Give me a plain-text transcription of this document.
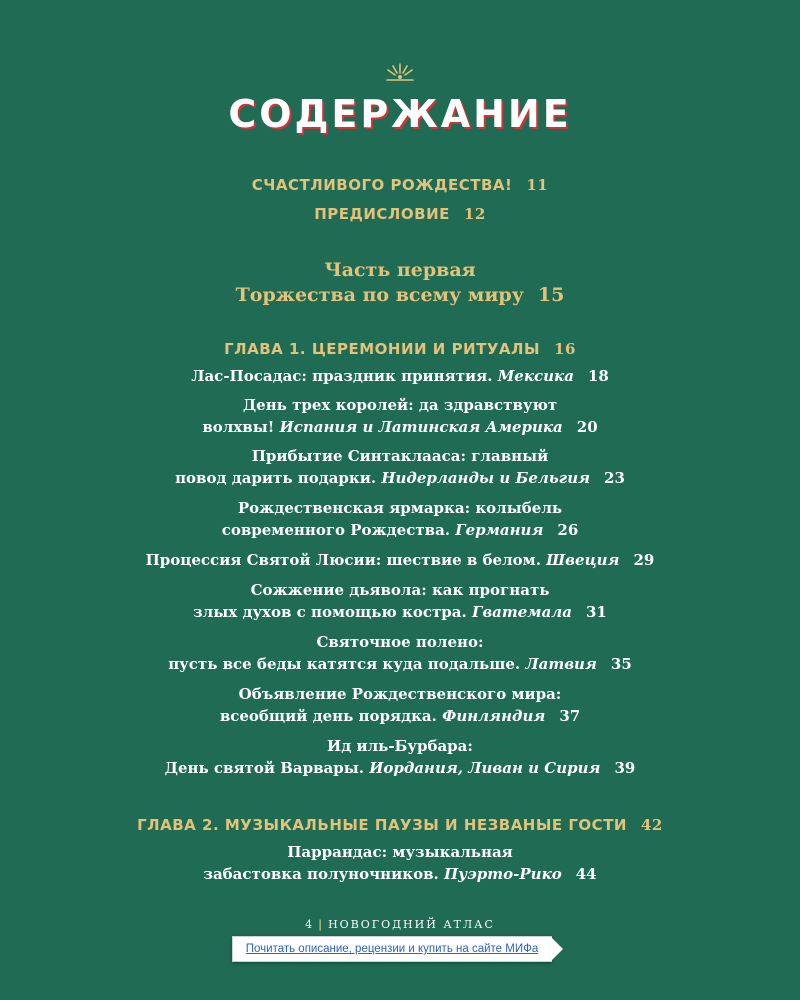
СОДЕРЖАНИЕ
СЧАСТЛИВОГО РОЖДЕСТВА! 11
ПРЕДИСЛОВИЕ 12
Часть первая
Торжества по всему миру 15
ГЛАВА 1. ЦЕРЕМОНИИ И РИТУАЛЫ 16
Лас-Посадас: праздник принятия. Мексика 18
День трех королей: да здравствуют
волхвы! Испания и Латинская Америка 20
Прибытие Синтаклааса: главный
повод дарить подарки. Нидерланды и Бельгия 23
Рождественская ярмарка: колыбель
современного Рождества. Германия 26
Процессия Святой Люсии: шествие в белом. Швеция 29
Сожжение дьявола: как прогнать
злых духов с помощью костра. Гватемала 31
Святочное полено:
пусть все беды катятся куда подальше. Латвия 35
Объявление Рождественского мира:
всеобщий день порядка. Финляндия 37
Ид иль-Бурбара:
День святой Варвары. Иордания, Ливан и Сирия 39
ГЛАВА 2. МУЗЫКАЛЬНЫЕ ПАУЗЫ И НЕЗВАНЫЕ ГОСТИ 42
Паррандас: музыкальная
забастовка полуночников. Пуэрто-Рико 44
4 | НОВОГОДНИЙ АТЛАС
Почитать описание, рецензии и купить на сайте МИФа
